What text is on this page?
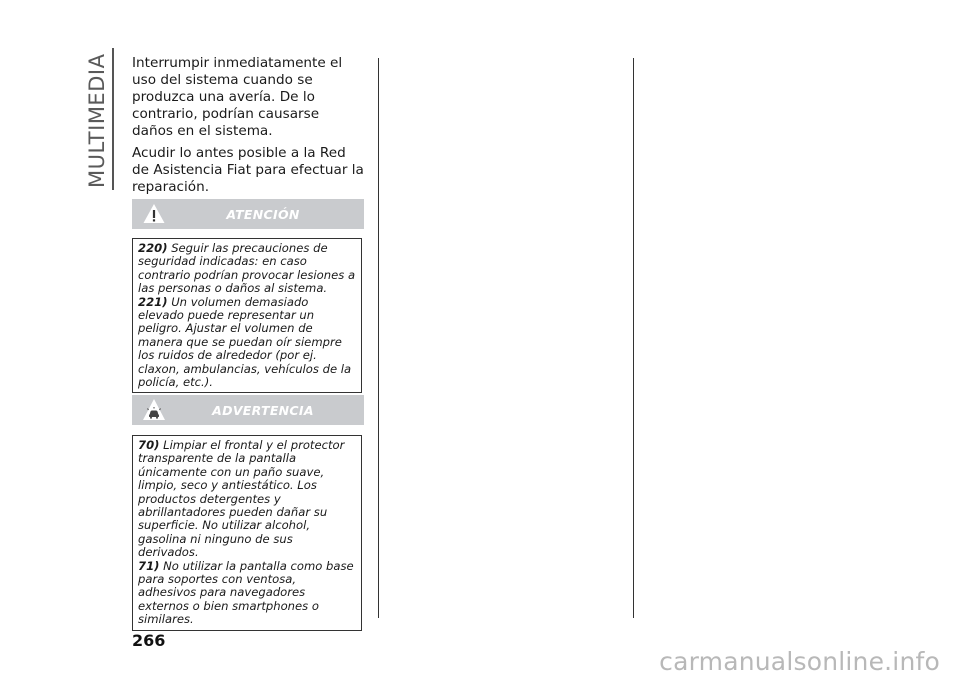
MULTIMEDIA Interrumpir inmediatamente el uso del sistema cuando se produzca una avería. De lo contrario, podrían causarse daños en el sistema.

Acudir lo antes posible a la Red de Asistencia Fiat para efectuar la reparación.

ATENCIÓN

220) Seguir las precauciones de seguridad indicadas: en caso contrario podrían provocar lesiones a las personas o daños al sistema.

221) Un volumen demasiado elevado puede representar un peligro. Ajustar el volumen de manera que se puedan oír siempre los ruidos de alrededor (por ej. claxon, ambulancias, vehículos de la policía, etc.).

ADVERTENCIA

70) Limpiar el frontal y el protector transparente de la pantalla únicamente con un paño suave, limpio, seco y antiestático. Los productos detergentes y abrillantadores pueden dañar su superficie. No utilizar alcohol, gasolina ni ninguno de sus derivados.

71) No utilizar la pantalla como base para soportes con ventosa, adhesivos para navegadores externos o bien smartphones o similares.

266
carmanualsonline.info
